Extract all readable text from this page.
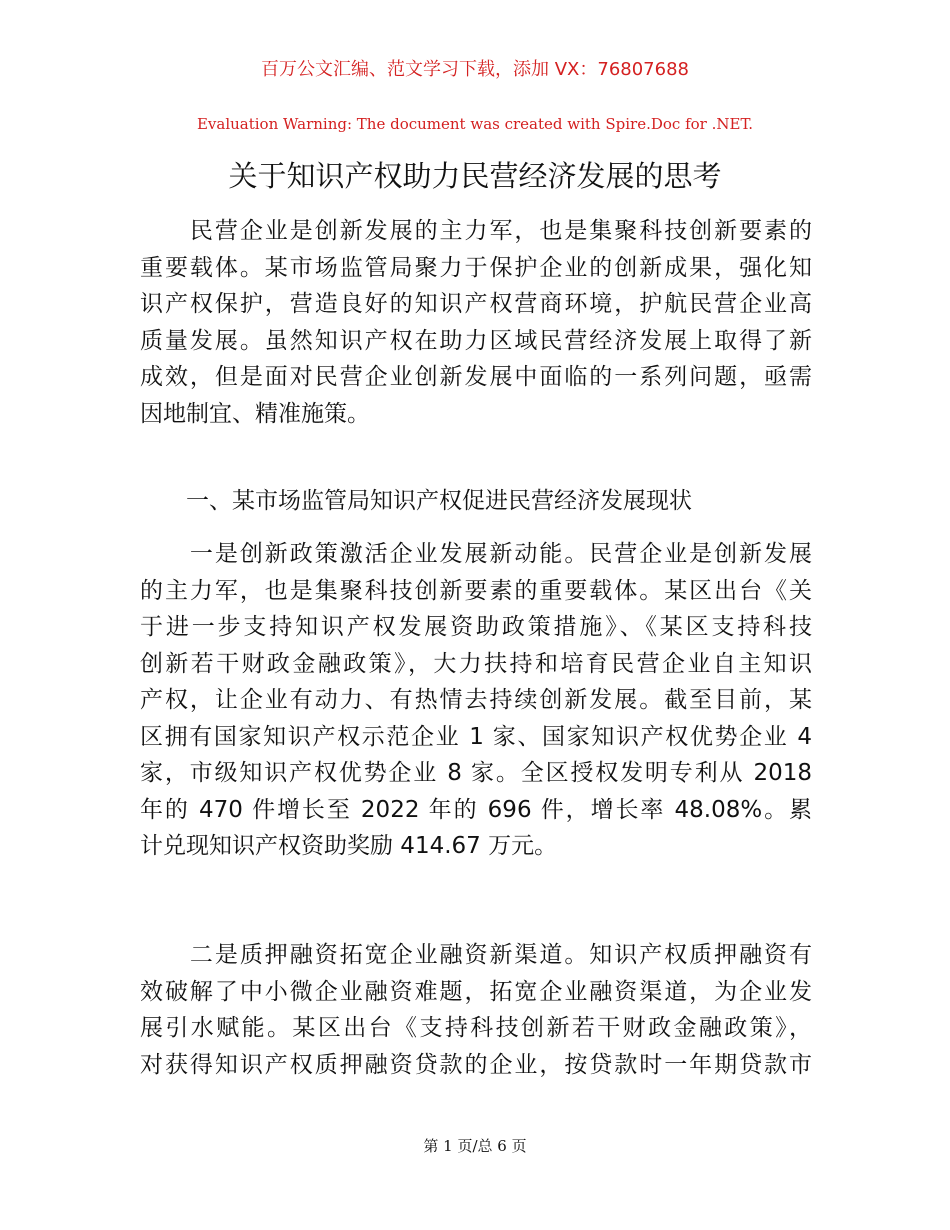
百万公文汇编、范文学习下载，添加 VX：76807688
Evaluation Warning: The document was created with Spire.Doc for .NET.
关于知识产权助力民营经济发展的思考
　　民营企业是创新发展的主力军，也是集聚科技创新要素的
重要载体。某市场监管局聚力于保护企业的创新成果，强化知
识产权保护，营造良好的知识产权营商环境，护航民营企业高
质量发展。虽然知识产权在助力区域民营经济发展上取得了新
成效，但是面对民营企业创新发展中面临的一系列问题，亟需
因地制宜、精准施策。
　　一、某市场监管局知识产权促进民营经济发展现状
　　一是创新政策激活企业发展新动能。民营企业是创新发展
的主力军，也是集聚科技创新要素的重要载体。某区出台《关
于进一步支持知识产权发展资助政策措施》、《某区支持科技
创新若干财政金融政策》，大力扶持和培育民营企业自主知识
产权，让企业有动力、有热情去持续创新发展。截至目前，某
区拥有国家知识产权示范企业 1 家、国家知识产权优势企业 4
家，市级知识产权优势企业 8 家。全区授权发明专利从 2018
年的 470 件增长至 2022 年的 696 件，增长率 48.08%。累
计兑现知识产权资助奖励 414.67 万元。
　　二是质押融资拓宽企业融资新渠道。知识产权质押融资有
效破解了中小微企业融资难题，拓宽企业融资渠道，为企业发
展引水赋能。某区出台《支持科技创新若干财政金融政策》，
对获得知识产权质押融资贷款的企业，按贷款时一年期贷款市
第 1 页/总 6 页
